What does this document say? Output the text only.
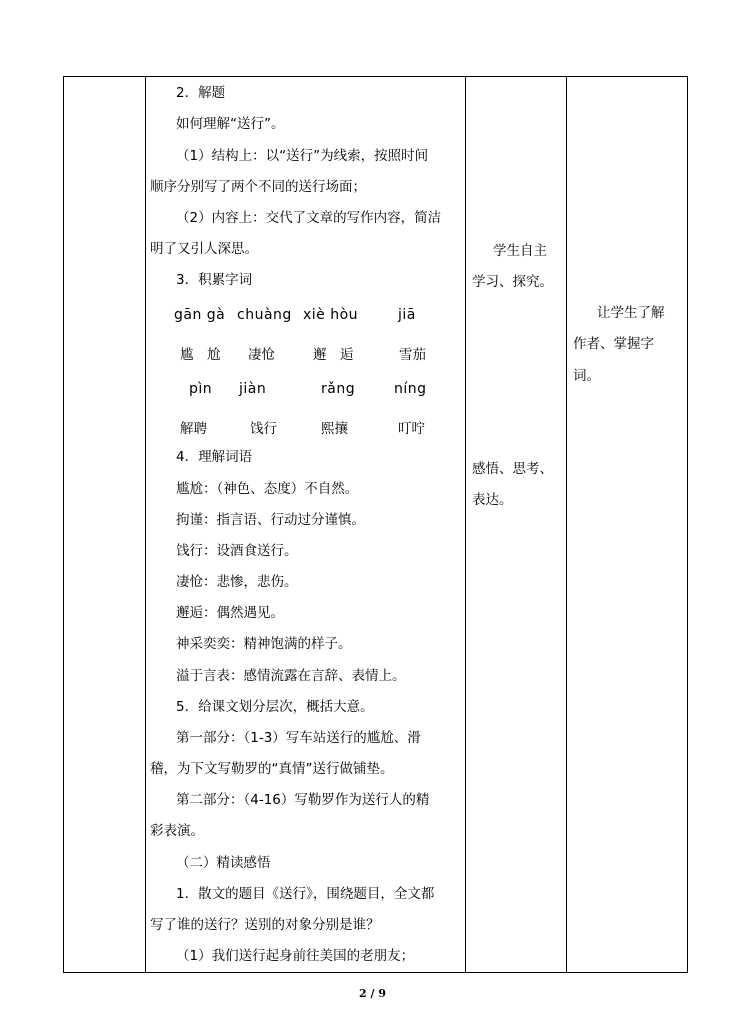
2．解题
如何理解“送行”。
（1）结构上：以“送行”为线索，按照时间
顺序分别写了两个不同的送行场面；
（2）内容上：交代了文章的写作内容，简洁
明了又引人深思。
3．积累字词
gān gà chuàng xiè hòu	jiā
尴　尬 凄怆	邂　逅	雪茄
pìn jiàn	rǎng	níng
解聘	饯行	熙攘	叮咛
4．理解词语
尴尬：（神色、态度）不自然。
拘谨：指言语、行动过分谨慎。
饯行：设酒食送行。
凄怆：悲惨，悲伤。
邂逅：偶然遇见。
神采奕奕：精神饱满的样子。
溢于言表：感情流露在言辞、表情上。
5．给课文划分层次，概括大意。
第一部分：（1-3）写车站送行的尴尬、滑
稽，为下文写勒罗的“真情”送行做铺垫。
第二部分：（4-16）写勒罗作为送行人的精
彩表演。
（二）精读感悟
1．散文的题目《送行》，围绕题目，全文都
写了谁的送行？送别的对象分别是谁？
（1）我们送行起身前往美国的老朋友；

学生自主
学习、探究。
感悟、思考、
表达。

让学生了解
作者、掌握字
词。
2 / 9
